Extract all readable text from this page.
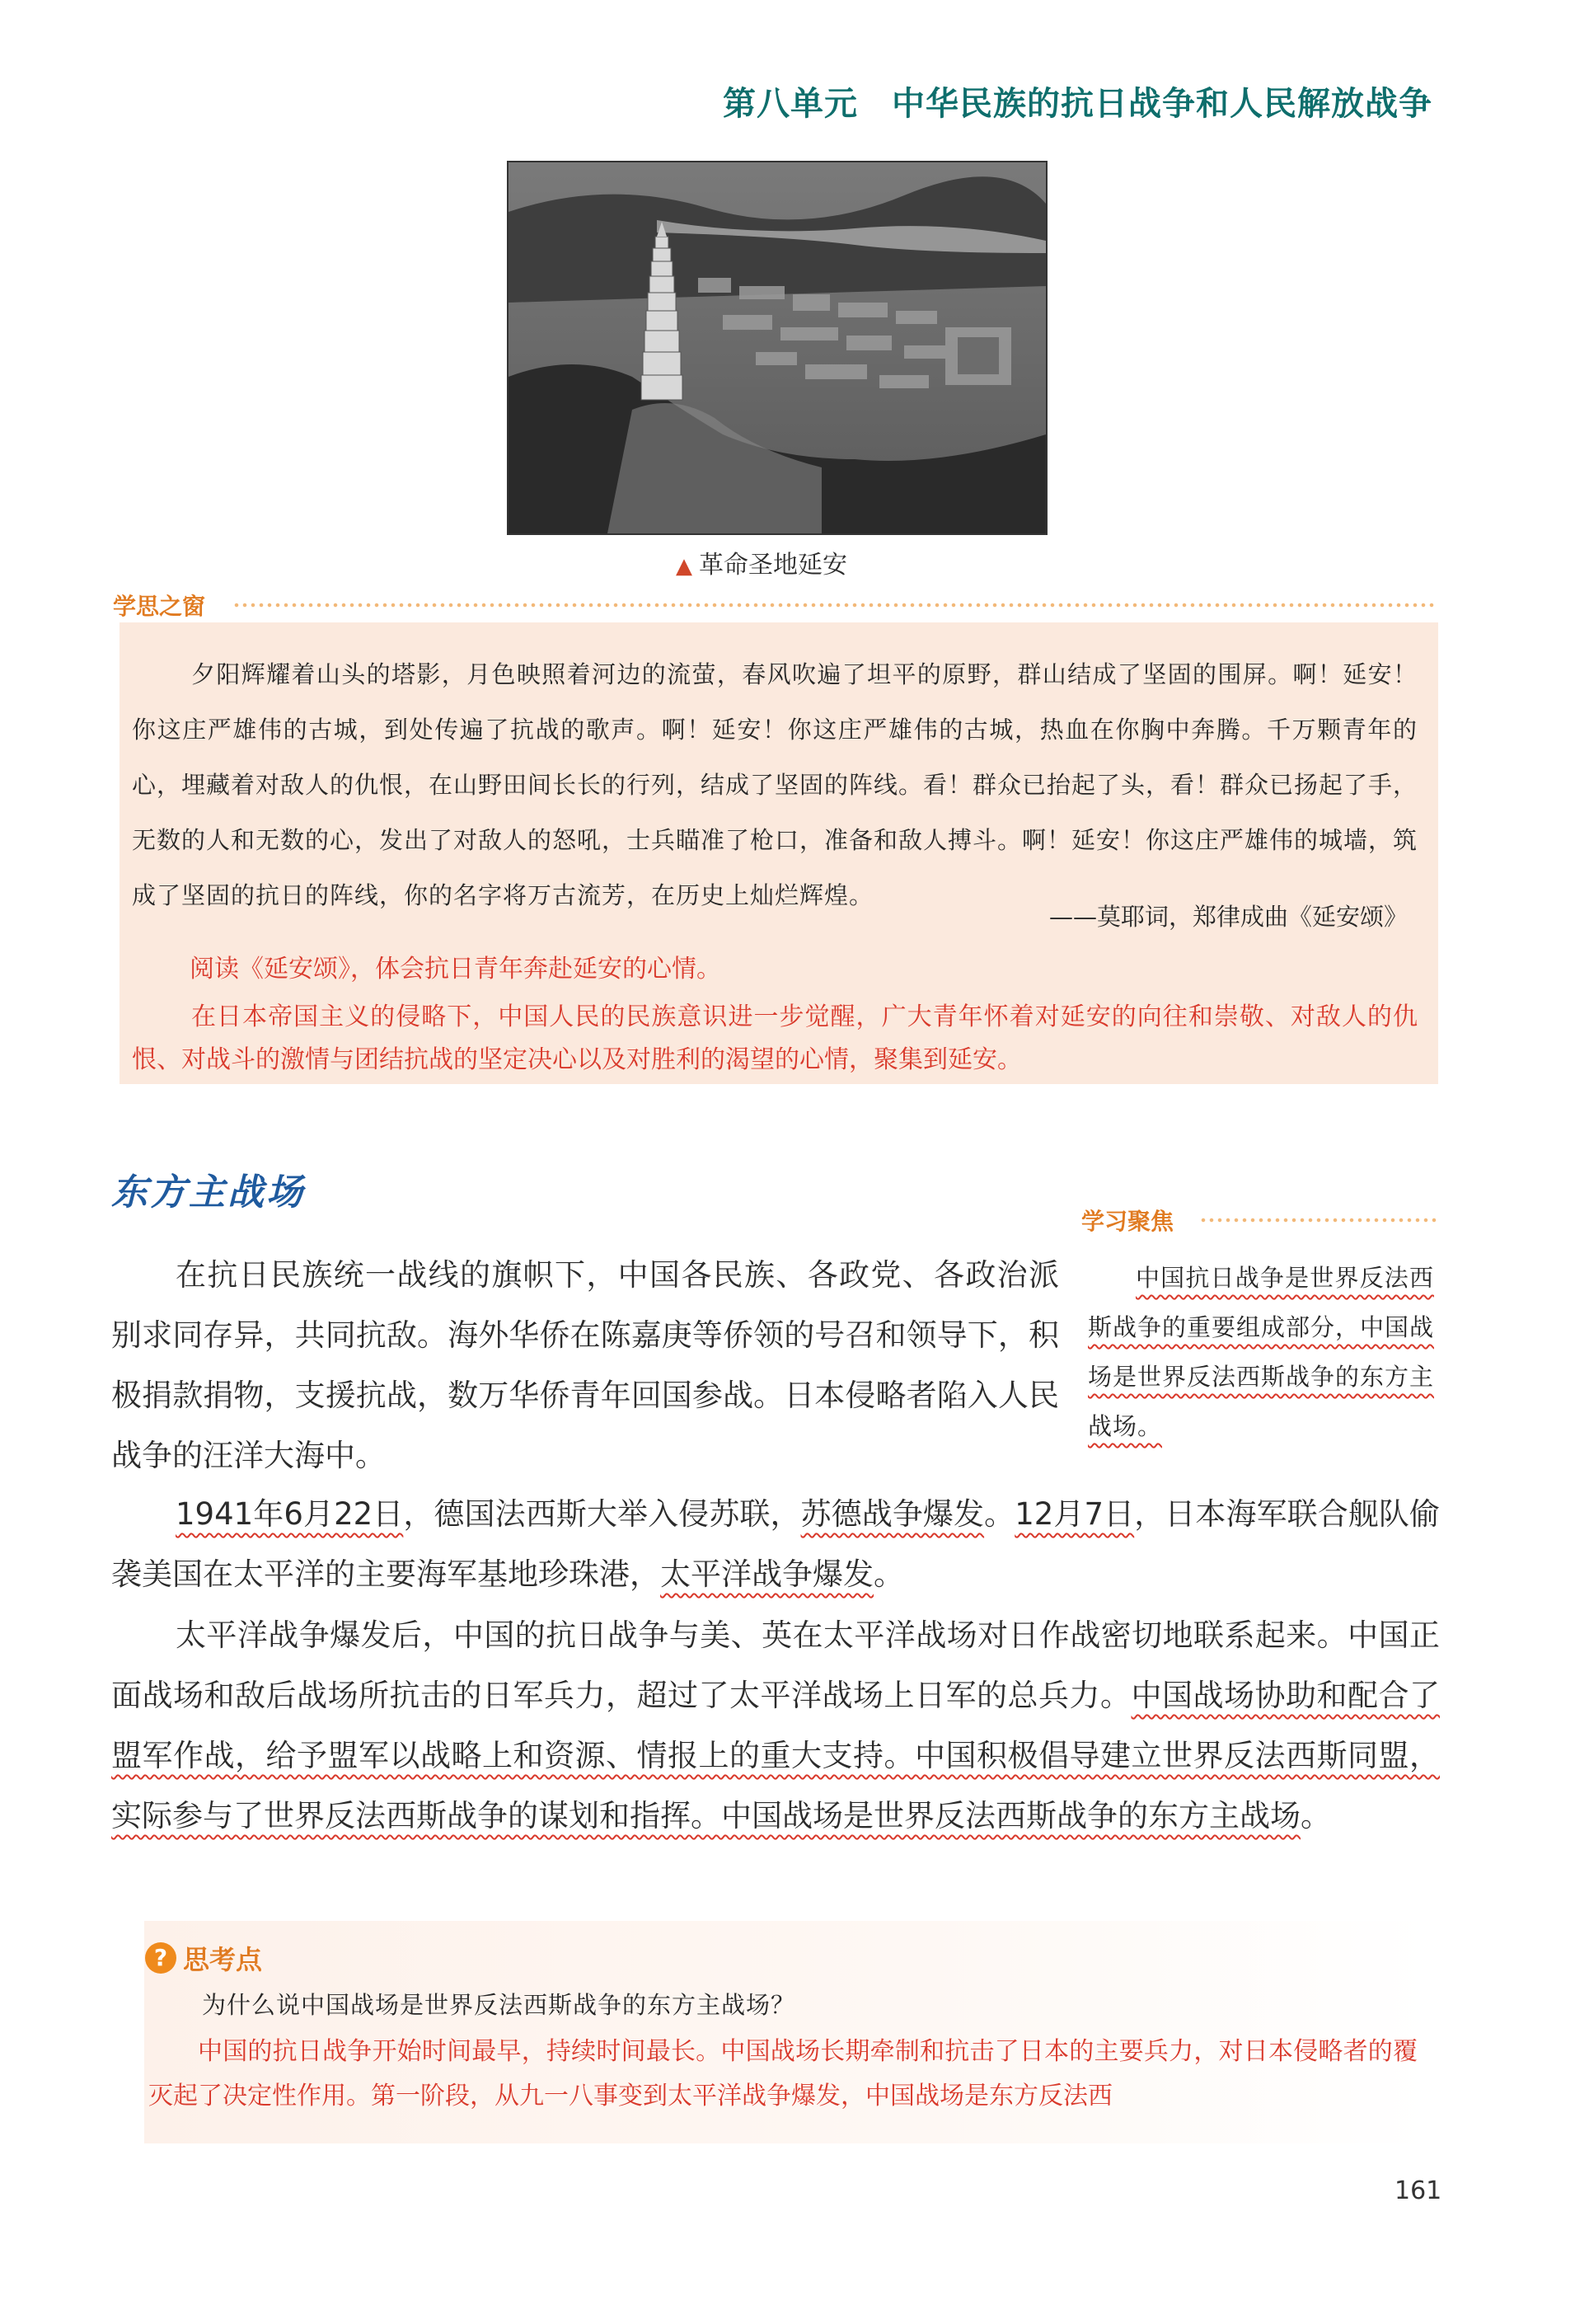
第八单元　中华民族的抗日战争和人民解放战争
▲ 革命圣地延安
学思之窗
夕阳辉耀着山头的塔影，月色映照着河边的流萤，春风吹遍了坦平的原野，群山结成了坚固的围屏。啊！延安！你这庄严雄伟的古城，到处传遍了抗战的歌声。啊！延安！你这庄严雄伟的古城，热血在你胸中奔腾。千万颗青年的心，埋藏着对敌人的仇恨，在山野田间长长的行列，结成了坚固的阵线。看！群众已抬起了头，看！群众已扬起了手，无数的人和无数的心，发出了对敌人的怒吼，士兵瞄准了枪口，准备和敌人搏斗。啊！延安！你这庄严雄伟的城墙，筑成了坚固的抗日的阵线，你的名字将万古流芳，在历史上灿烂辉煌。
——莫耶词，郑律成曲《延安颂》
阅读《延安颂》，体会抗日青年奔赴延安的心情。
在日本帝国主义的侵略下，中国人民的民族意识进一步觉醒，广大青年怀着对延安的向往和崇敬、对敌人的仇恨、对战斗的激情与团结抗战的坚定决心以及对胜利的渴望的心情，聚集到延安。
东方主战场
学习聚焦
中国抗日战争是世界反法西斯战争的重要组成部分，中国战场是世界反法西斯战争的东方主战场。
在抗日民族统一战线的旗帜下，中国各民族、各政党、各政治派别求同存异，共同抗敌。海外华侨在陈嘉庚等侨领的号召和领导下，积极捐款捐物，支援抗战，数万华侨青年回国参战。日本侵略者陷入人民战争的汪洋大海中。
1941年6月22日，德国法西斯大举入侵苏联，苏德战争爆发。12月7日，日本海军联合舰队偷袭美国在太平洋的主要海军基地珍珠港，太平洋战争爆发。
太平洋战争爆发后，中国的抗日战争与美、英在太平洋战场对日作战密切地联系起来。中国正面战场和敌后战场所抗击的日军兵力，超过了太平洋战场上日军的总兵力。中国战场协助和配合了盟军作战，给予盟军以战略上和资源、情报上的重大支持。中国积极倡导建立世界反法西斯同盟，实际参与了世界反法西斯战争的谋划和指挥。中国战场是世界反法西斯战争的东方主战场。
? 思考点
为什么说中国战场是世界反法西斯战争的东方主战场？
中国的抗日战争开始时间最早，持续时间最长。中国战场长期牵制和抗击了日本的主要兵力，对日本侵略者的覆灭起了决定性作用。第一阶段，从九一八事变到太平洋战争爆发，中国战场是东方反法西
161
